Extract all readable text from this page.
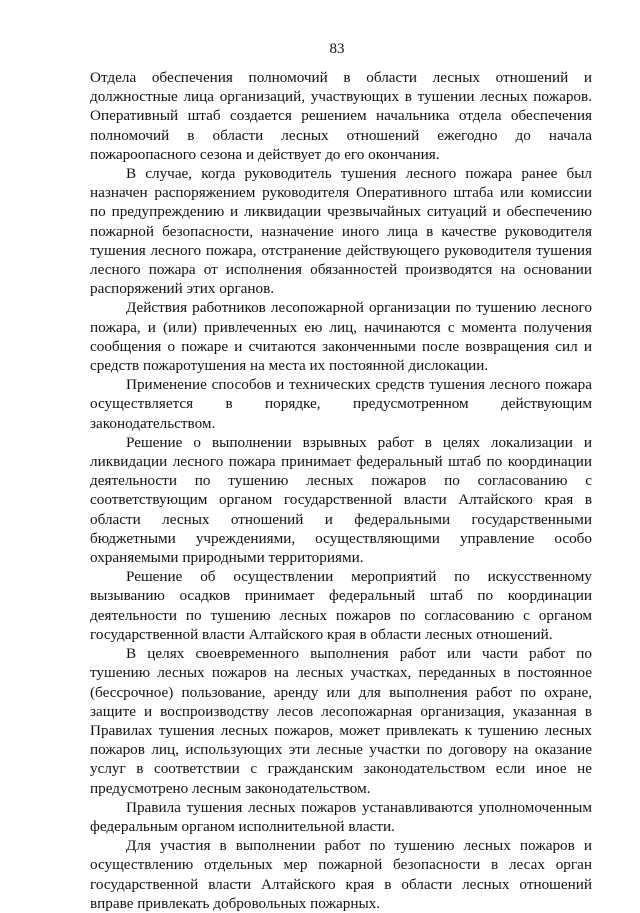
83

Отдела обеспечения полномочий в области лесных отношений и должностные лица организаций, участвующих в тушении лесных пожаров. Оперативный штаб создается решением начальника отдела обеспечения полномочий в области лесных отношений ежегодно до начала пожароопасного сезона и действует до его окончания.

В случае, когда руководитель тушения лесного пожара ранее был назначен распоряжением руководителя Оперативного штаба или комиссии по предупреждению и ликвидации чрезвычайных ситуаций и обеспечению пожарной безопасности, назначение иного лица в качестве руководителя тушения лесного пожара, отстранение действующего руководителя тушения лесного пожара от исполнения обязанностей производятся на основании распоряжений этих органов.

Действия работников лесопожарной организации по тушению лесного пожара, и (или) привлеченных ею лиц, начинаются с момента получения сообщения о пожаре и считаются законченными после возвращения сил и средств пожаротушения на места их постоянной дислокации.

Применение способов и технических средств тушения лесного пожара осуществляется в порядке, предусмотренном действующим законодательством.

Решение о выполнении взрывных работ в целях локализации и ликвидации лесного пожара принимает федеральный штаб по координации деятельности по тушению лесных пожаров по согласованию с соответствующим органом государственной власти Алтайского края в области лесных отношений и федеральными государственными бюджетными учреждениями, осуществляющими управление особо охраняемыми природными территориями.

Решение об осуществлении мероприятий по искусственному вызыванию осадков принимает федеральный штаб по координации деятельности по тушению лесных пожаров по согласованию с органом государственной власти Алтайского края в области лесных отношений.

В целях своевременного выполнения работ или части работ по тушению лесных пожаров на лесных участках, переданных в постоянное (бессрочное) пользование, аренду или для выполнения работ по охране, защите и воспроизводству лесов лесопожарная организация, указанная в Правилах тушения лесных пожаров, может привлекать к тушению лесных пожаров лиц, использующих эти лесные участки по договору на оказание услуг в соответствии с гражданским законодательством если иное не предусмотрено лесным законодательством.

Правила тушения лесных пожаров устанавливаются уполномоченным федеральным органом исполнительной власти.

Для участия в выполнении работ по тушению лесных пожаров и осуществлению отдельных мер пожарной безопасности в лесах орган государственной власти Алтайского края в области лесных отношений вправе привлекать добровольных пожарных.
